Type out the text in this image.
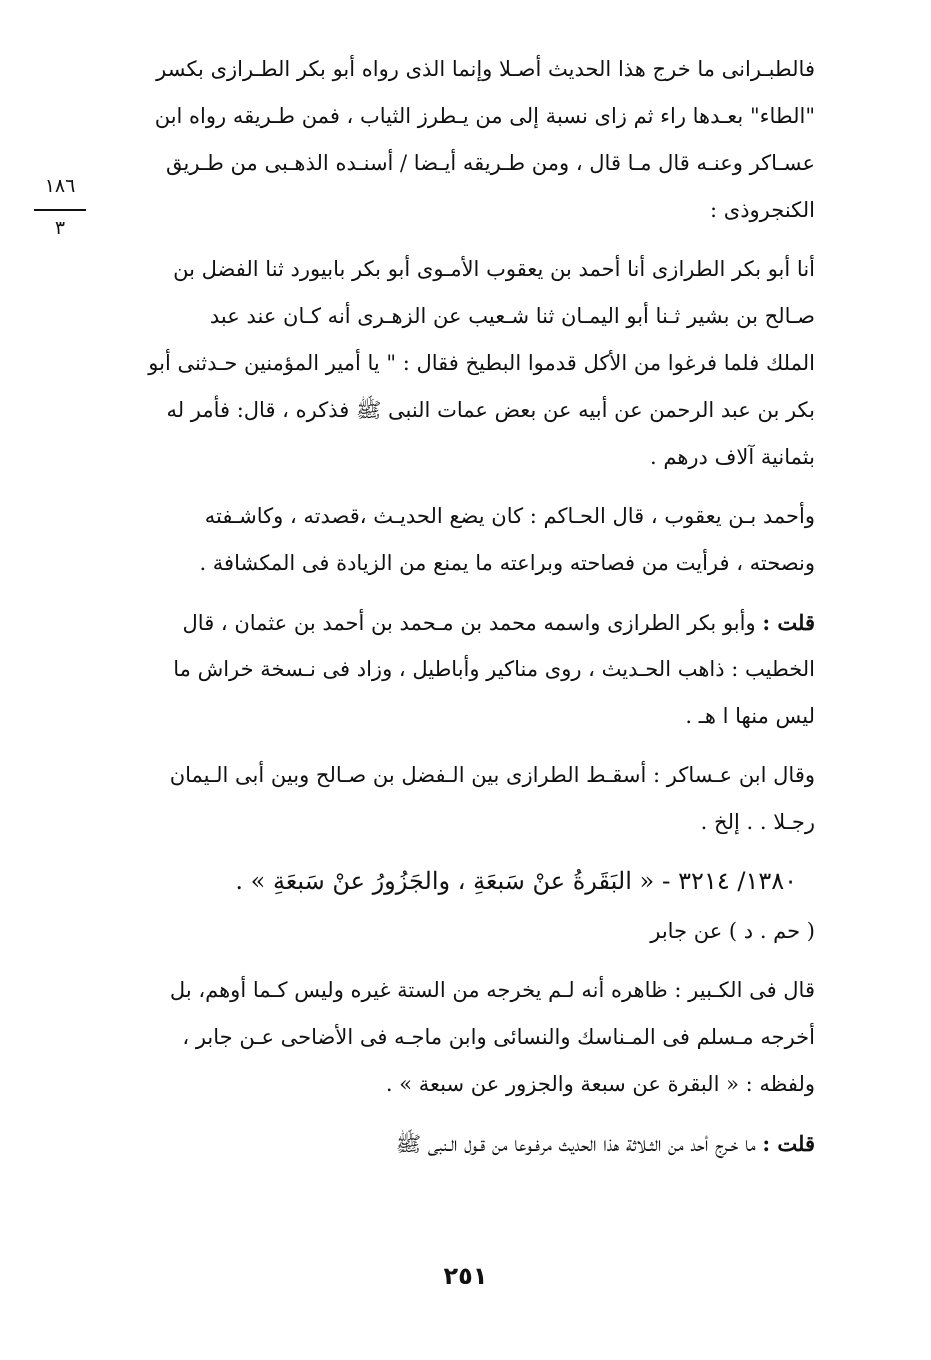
١٨٦
٣
فالطبـرانى ما خرج هذا الحديث أصـلا وإنما الذى رواه أبو بكر الطـرازى بكسر
"الطاء" بعـدها راء ثم زاى نسبة إلى من يـطرز الثياب ، فمن طـريقه رواه ابن
عسـاكر وعنـه قال مـا قال ، ومن طـريقه أيـضا / أسنـده الذهـبى من طـريق
الكنجروذى :
أنا أبو بكر الطرازى أنا أحمد بن يعقوب الأمـوى أبو بكر بابيورد ثنا الفضل بن
صـالح بن بشير ثـنا أبو اليمـان ثنا شـعيب عن الزهـرى أنه كـان عند عبد
الملك فلما فرغوا من الأكل قدموا البطيخ فقال : " يا أمير المؤمنين حـدثنى أبو
بكر بن عبد الرحمن عن أبيه عن بعض عمات النبى ﷺ فذكره ، قال: فأمر له
بثمانية آلاف درهم .
وأحمد بـن يعقوب ، قال الحـاكم : كان يضع الحديـث ،قصدته ، وكاشـفته
ونصحته ، فرأيت من فصاحته وبراعته ما يمنع من الزيادة فى المكشافة .
قلت : وأبو بكر الطرازى واسمه محمد بن مـحمد بن أحمد بن عثمان ، قال
الخطيب : ذاهب الحـديث ، روى مناكير وأباطيل ، وزاد فى نـسخة خراش ما
ليس منها ا هـ .
وقال ابن عـساكر : أسقـط الطرازى بين الـفضل بن صـالح وبين أبى الـيمان
رجـلا . . إلخ .
١٣٨٠/ ٣٢١٤ - « البَقَرةُ عنْ سَبعَةِ ، والجَزُورُ عنْ سَبعَةِ » .
( حم . د ) عن جابر
قال فى الكـبير : ظاهره أنه لـم يخرجه من الستة غيره وليس كـما أوهم، بل
أخرجه مـسلم فى المـناسك والنسائى وابن ماجـه فى الأضاحى عـن جابر ،
ولفظه : « البقرة عن سبعة والجزور عن سبعة » .
قلت : ما خـرج أحد من الثـلاثة هذا الحديث مرفـوعا من قـول الـنبى ﷺ
٢٥١
